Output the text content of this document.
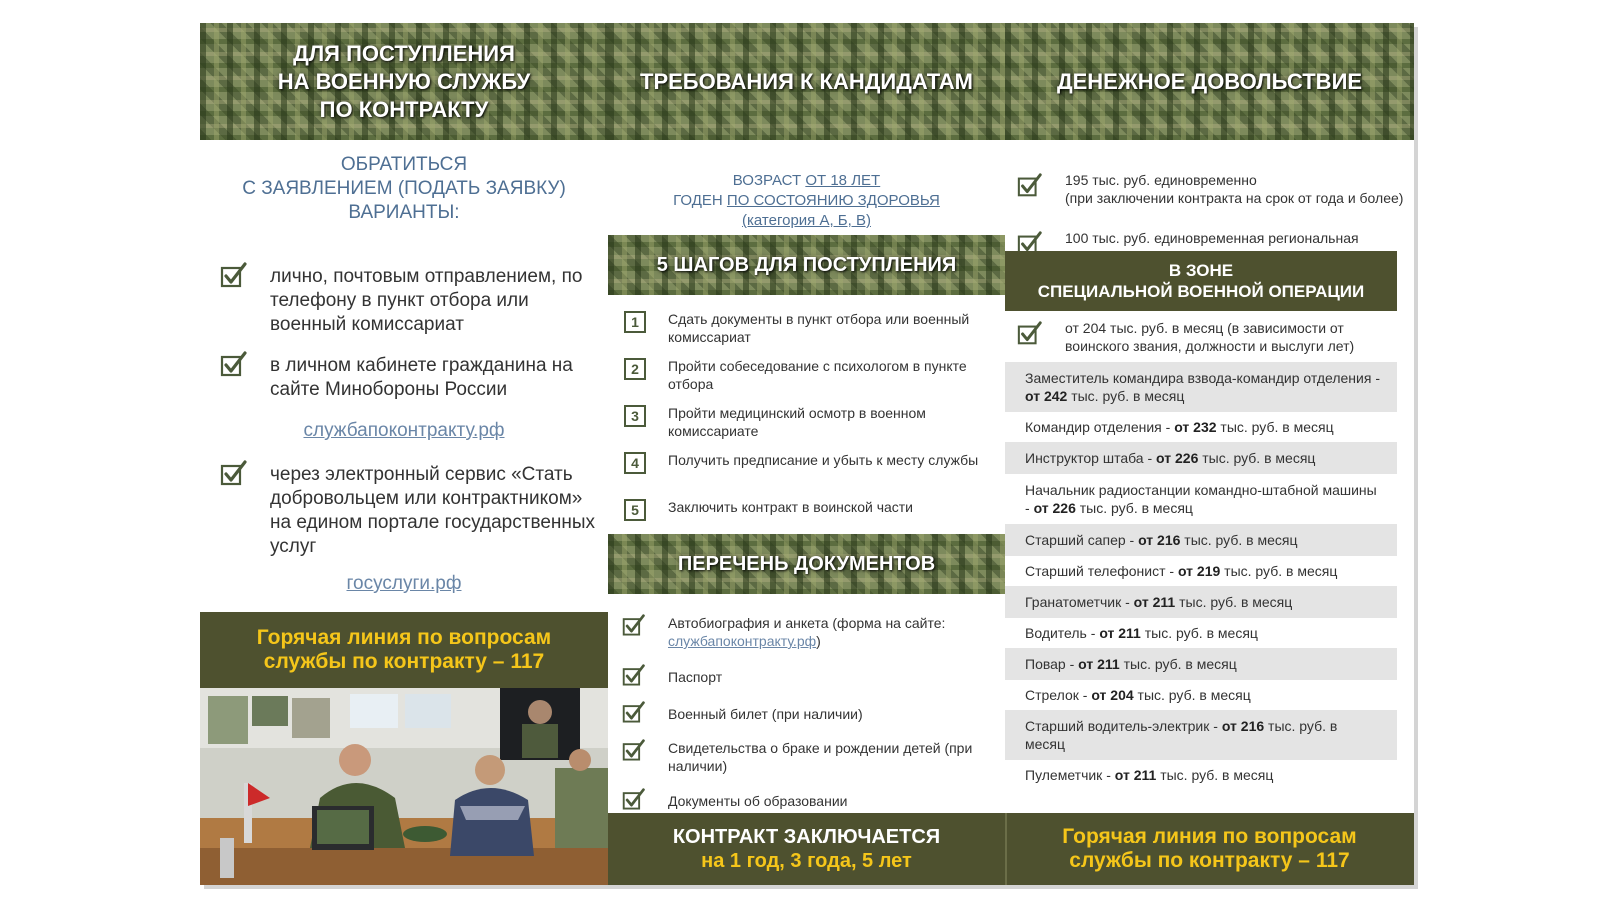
ДЛЯ ПОСТУПЛЕНИЯ
НА ВОЕННУЮ СЛУЖБУ
ПО КОНТРАКТУ
ОБРАТИТЬСЯ
С ЗАЯВЛЕНИЕМ (ПОДАТЬ ЗАЯВКУ)
ВАРИАНТЫ:
лично, почтовым отправлением, по телефону в пункт отбора или военный комиссариат
в личном кабинете гражданина на сайте Минобороны России
службапоконтракту.рф
через электронный сервис «Стать добровольцем или контрактником» на едином портале государственных услуг
госуслуги.рф
Горячая линия по вопросам
службы по контракту – 117
ТРЕБОВАНИЯ К КАНДИДАТАМ
ВОЗРАСТ ОТ 18 ЛЕТ
ГОДЕН ПО СОСТОЯНИЮ ЗДОРОВЬЯ
(категория А, Б, В)
5 ШАГОВ ДЛЯ ПОСТУПЛЕНИЯ
1	Сдать документы в пункт отбора или военный комиссариат
2	Пройти собеседование с психологом в пункте отбора
3	Пройти медицинский осмотр в военном комиссариате
4	Получить предписание и убыть к месту службы
5	Заключить контракт в воинской части
ПЕРЕЧЕНЬ ДОКУМЕНТОВ
Автобиография и анкета (форма на сайте:
службапоконтракту.рф)
Паспорт
Военный билет (при наличии)
Свидетельства о браке и рождении детей (при наличии)
Документы об образовании
КОНТРАКТ ЗАКЛЮЧАЕТСЯ
на 1 год, 3 года, 5 лет
ДЕНЕЖНОЕ ДОВОЛЬСТВИЕ
195 тыс. руб. единовременно
(при заключении контракта на срок от года и более)
100 тыс. руб. единовременная региональная
В ЗОНЕ
СПЕЦИАЛЬНОЙ ВОЕННОЙ ОПЕРАЦИИ
от 204 тыс. руб. в месяц (в зависимости от воинского звания, должности и выслуги лет)
Заместитель командира взвода-командир отделения - от 242 тыс. руб. в месяц
Командир отделения - от 232 тыс. руб. в месяц
Инструктор штаба - от 226 тыс. руб. в месяц
Начальник радиостанции командно-штабной машины - от 226 тыс. руб. в месяц
Старший сапер - от 216 тыс. руб. в месяц
Старший телефонист - от 219 тыс. руб. в месяц
Гранатометчик - от 211 тыс. руб. в месяц
Водитель - от 211 тыс. руб. в месяц
Повар - от 211 тыс. руб. в месяц
Стрелок - от 204 тыс. руб. в месяц
Старший водитель-электрик - от 216 тыс. руб. в месяц
Пулеметчик - от 211 тыс. руб. в месяц
Горячая линия по вопросам
службы по контракту – 117
